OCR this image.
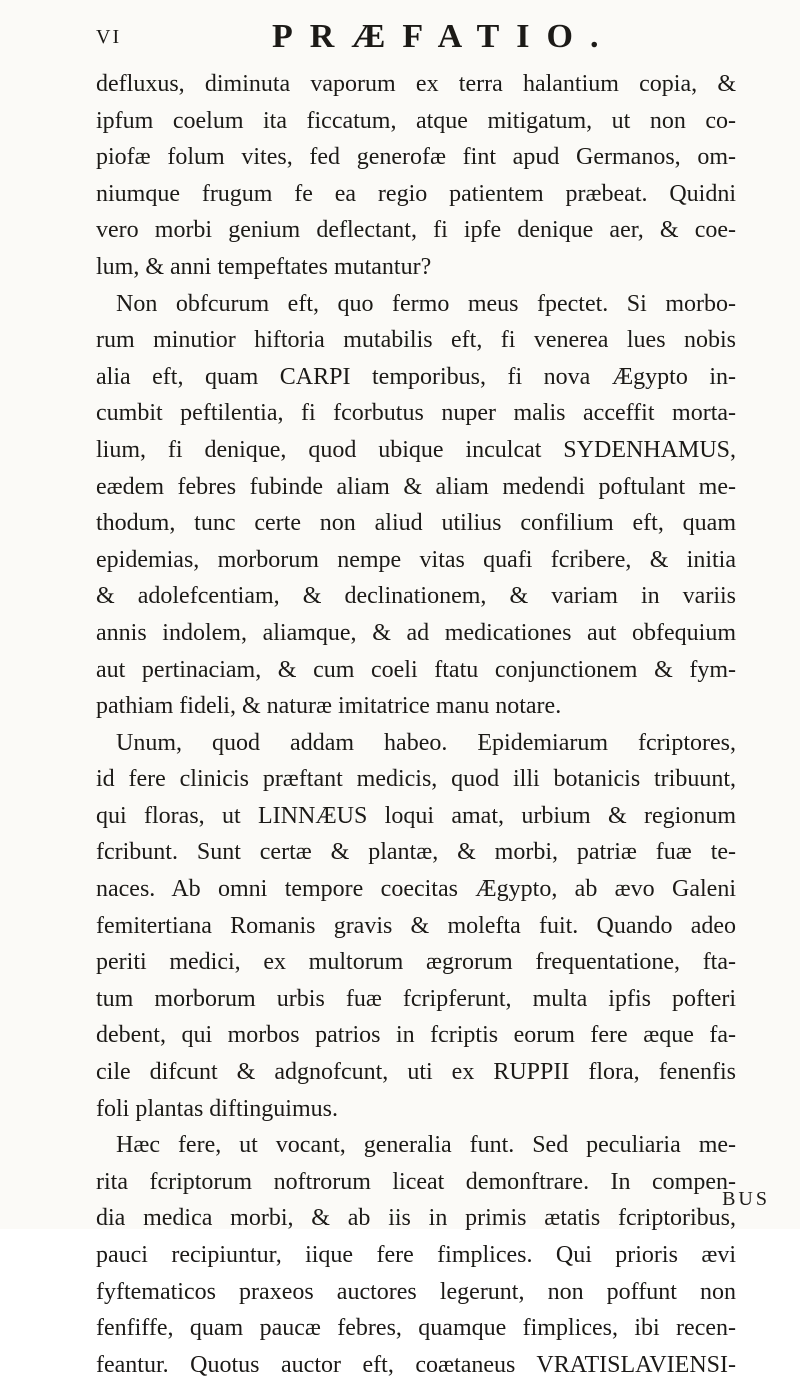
VI	PRÆFATIO.
defluxus, diminuta vaporum ex terra halantium copia, &
ipfum coelum ita ficcatum, atque mitigatum, ut non co-
piofæ folum vites, fed generofæ fint apud Germanos, om-
niumque frugum fe ea regio patientem præbeat. Quidni
vero morbi genium deflectant, fi ipfe denique aer, & coe-
lum, & anni tempeftates mutantur?
Non obfcurum eft, quo fermo meus fpectet. Si morbo-
rum minutior hiftoria mutabilis eft, fi venerea lues nobis
alia eft, quam CARPI temporibus, fi nova Ægypto in-
cumbit peftilentia, fi fcorbutus nuper malis acceffit morta-
lium, fi denique, quod ubique inculcat SYDENHAMUS,
eædem febres fubinde aliam & aliam medendi poftulant me-
thodum, tunc certe non aliud utilius confilium eft, quam
epidemias, morborum nempe vitas quafi fcribere, & initia
& adolefcentiam, & declinationem, & variam in variis
annis indolem, aliamque, & ad medicationes aut obfequium
aut pertinaciam, & cum coeli ftatu conjunctionem & fym-
pathiam fideli, & naturæ imitatrice manu notare.
Unum, quod addam habeo. Epidemiarum fcriptores,
id fere clinicis præftant medicis, quod illi botanicis tribuunt,
qui floras, ut LINNÆUS loqui amat, urbium & regionum
fcribunt. Sunt certæ & plantæ, & morbi, patriæ fuæ te-
naces. Ab omni tempore coecitas Ægypto, ab ævo Galeni
femitertiana Romanis gravis & molefta fuit. Quando adeo
periti medici, ex multorum ægrorum frequentatione, fta-
tum morborum urbis fuæ fcripferunt, multa ipfis pofteri
debent, qui morbos patrios in fcriptis eorum fere æque fa-
cile difcunt & adgnofcunt, uti ex RUPPII flora, fenenfis
foli plantas diftinguimus.
Hæc fere, ut vocant, generalia funt. Sed peculiaria me-
rita fcriptorum noftrorum liceat demonftrare. In compen-
dia medica morbi, & ab iis in primis ætatis fcriptoribus,
pauci recipiuntur, iique fere fimplices. Qui prioris ævi
fyftematicos praxeos auctores legerunt, non poffunt non
fenfiffe, quam paucæ febres, quamque fimplices, ibi recen-
feantur. Quotus auctor eft, coætaneus VRATISLAVIENSI-
BUS
